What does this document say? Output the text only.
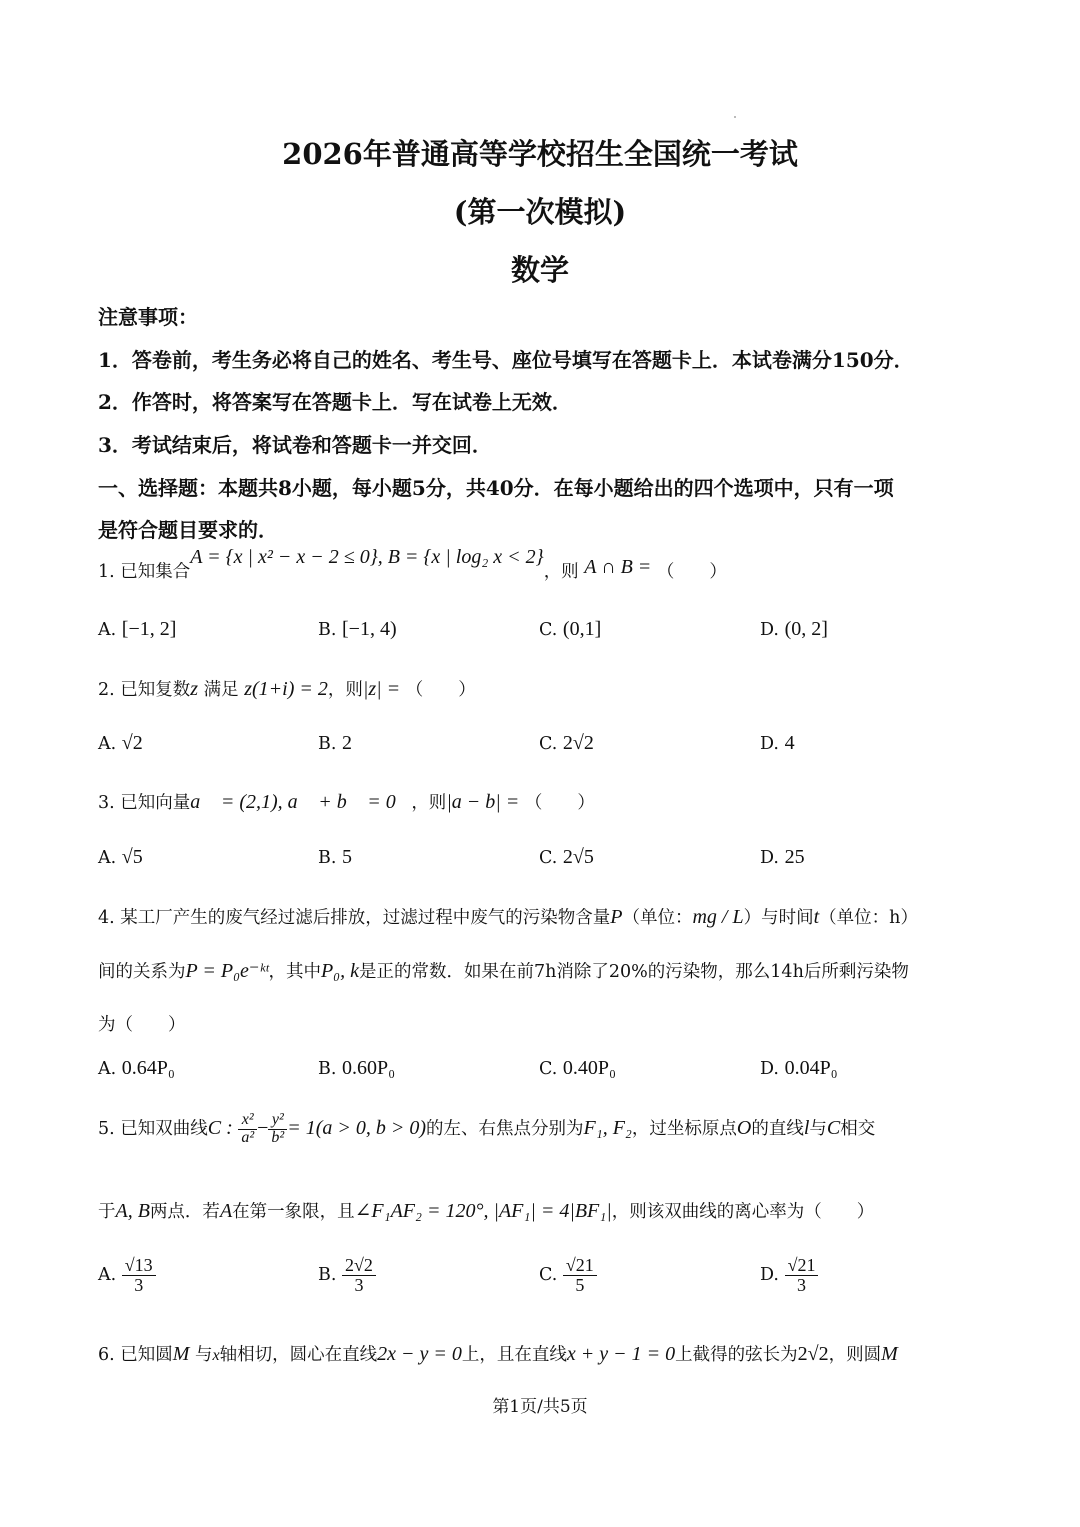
2026年普通高等学校招生全国统一考试
(第一次模拟)
数学
注意事项：
1．答卷前，考生务必将自己的姓名、考生号、座位号填写在答题卡上．本试卷满分150分．
2．作答时，将答案写在答题卡上．写在试卷上无效．
3．考试结束后，将试卷和答题卡一并交回．
一、选择题：本题共8小题，每小题5分，共40分．在每小题给出的四个选项中，只有一项
是符合题目要求的．
1. 已知集合A = {x | x² − x − 2 ≤ 0}, B = {x | log₂ x < 2}，则 A ∩ B = （　　）
A. [−1, 2]	B. [−1, 4)	C. (0,1]	D. (0, 2]
2. 已知复数z 满足 z(1+i) = 2，则|z| = （　　）
A. √2	B. 2	C. 2√2	D. 4
3. 已知向量a⃗ = (2,1), a⃗ + b⃗ = 0⃗，则|a − b| = （　　）
A. √5	B. 5	C. 2√5	D. 25
4. 某工厂产生的废气经过滤后排放，过滤过程中废气的污染物含量P（单位：mg / L）与时间t（单位：h）
间的关系为P = P₀e⁻ᵏᵗ，其中P₀, k是正的常数．如果在前7h消除了20%的污染物，那么14h后所剩污染物
为（　　）
A. 0.64P₀	B. 0.60P₀	C. 0.40P₀	D. 0.04P₀
5. 已知双曲线C : $\frac{\text{x²}}{\text{a²}} - \frac{\text{y²}}{\text{b²}} = 1(a > 0$, b > 0)的左、右焦点分别为F₁, F₂，过坐标原点O的直线l与C相交
于A, B两点．若A在第一象限，且∠F₁AF₂ = 120°, |AF₁| = 4|BF₁|，则该双曲线的离心率为（　　）
A. $\frac{√13}{3}$	B. $\frac{2√2}{3}$	C. $\frac{√21}{5}$	D. $\frac{√21}{3}$
6. 已知圆M 与x轴相切，圆心在直线2x − y = 0上，且在直线x + y − 1 = 0上截得的弦长为2√2，则圆M
第1页/共5页
